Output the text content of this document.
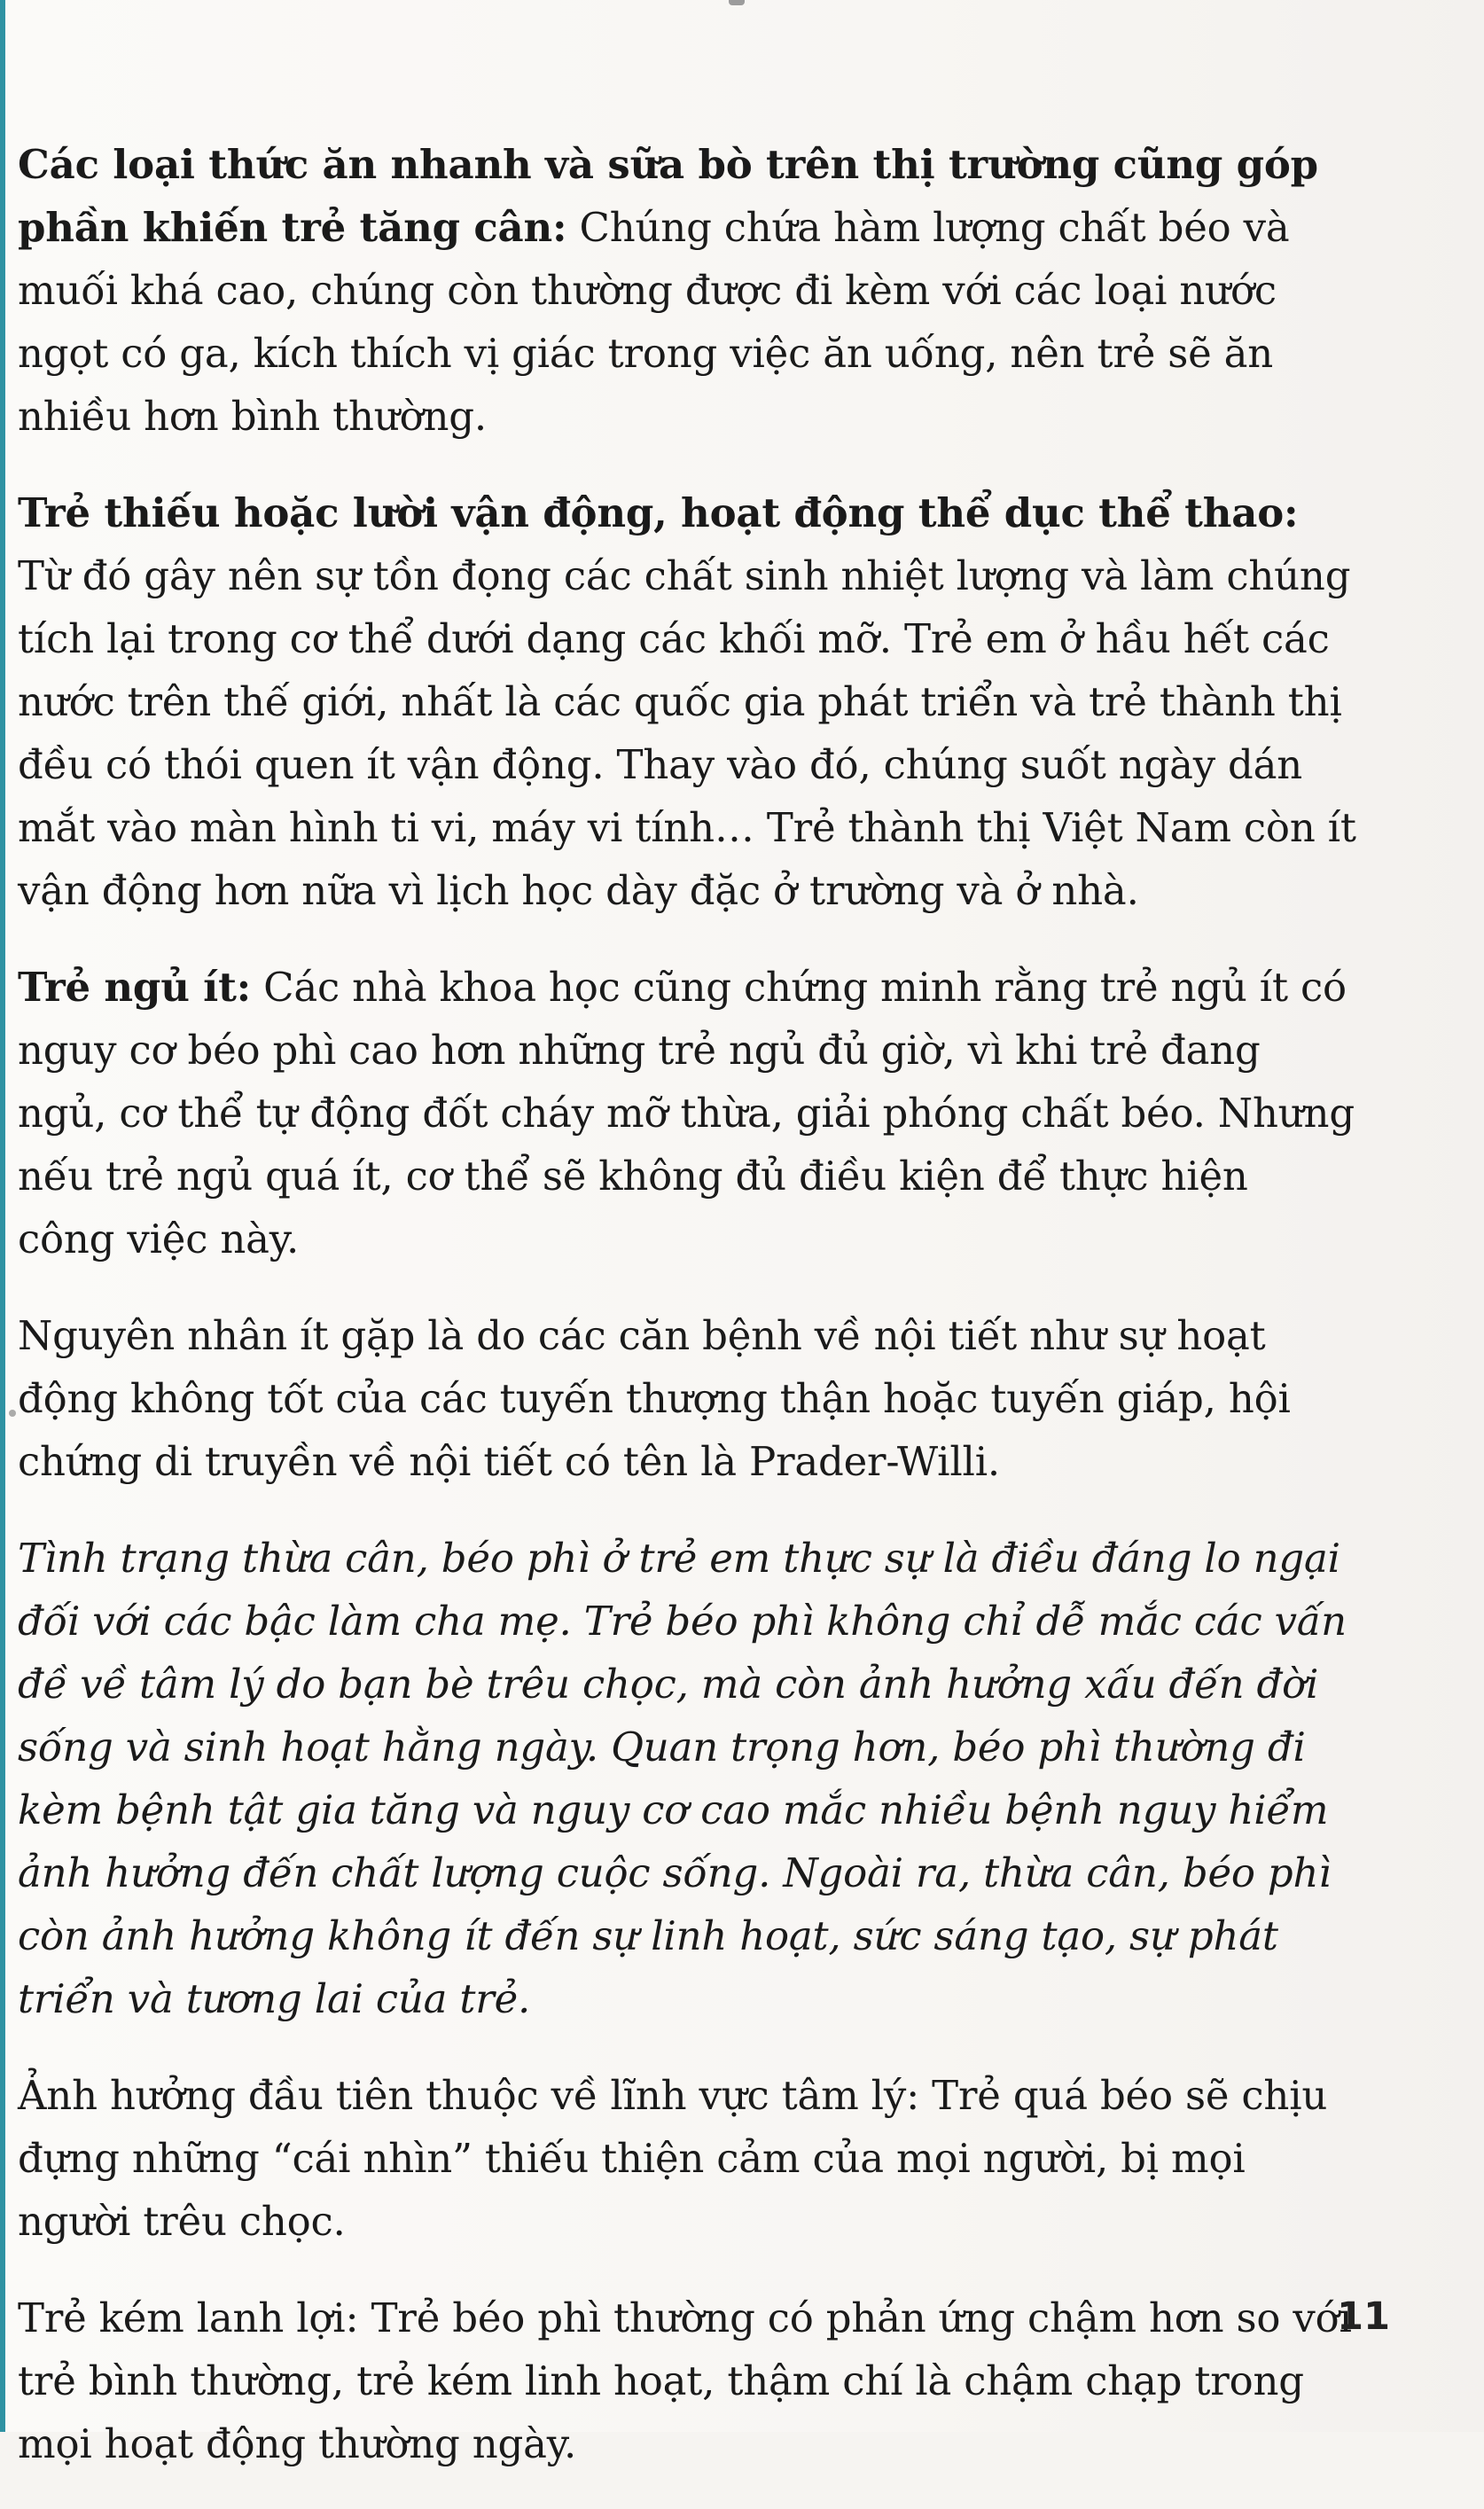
Các loại thức ăn nhanh và sữa bò trên thị trường cũng góp phần khiến trẻ tăng cân: Chúng chứa hàm lượng chất béo và muối khá cao, chúng còn thường được đi kèm với các loại nước ngọt có ga, kích thích vị giác trong việc ăn uống, nên trẻ sẽ ăn nhiều hơn bình thường.

Trẻ thiếu hoặc lười vận động, hoạt động thể dục thể thao: Từ đó gây nên sự tồn đọng các chất sinh nhiệt lượng và làm chúng tích lại trong cơ thể dưới dạng các khối mỡ. Trẻ em ở hầu hết các nước trên thế giới, nhất là các quốc gia phát triển và trẻ thành thị đều có thói quen ít vận động. Thay vào đó, chúng suốt ngày dán mắt vào màn hình ti vi, máy vi tính… Trẻ thành thị Việt Nam còn ít vận động hơn nữa vì lịch học dày đặc ở trường và ở nhà.

Trẻ ngủ ít: Các nhà khoa học cũng chứng minh rằng trẻ ngủ ít có nguy cơ béo phì cao hơn những trẻ ngủ đủ giờ, vì khi trẻ đang ngủ, cơ thể tự động đốt cháy mỡ thừa, giải phóng chất béo. Nhưng nếu trẻ ngủ quá ít, cơ thể sẽ không đủ điều kiện để thực hiện công việc này.

Nguyên nhân ít gặp là do các căn bệnh về nội tiết như sự hoạt động không tốt của các tuyến thượng thận hoặc tuyến giáp, hội chứng di truyền về nội tiết có tên là Prader-Willi.

Tình trạng thừa cân, béo phì ở trẻ em thực sự là điều đáng lo ngại đối với các bậc làm cha mẹ. Trẻ béo phì không chỉ dễ mắc các vấn đề về tâm lý do bạn bè trêu chọc, mà còn ảnh hưởng xấu đến đời sống và sinh hoạt hằng ngày. Quan trọng hơn, béo phì thường đi kèm bệnh tật gia tăng và nguy cơ cao mắc nhiều bệnh nguy hiểm ảnh hưởng đến chất lượng cuộc sống. Ngoài ra, thừa cân, béo phì còn ảnh hưởng không ít đến sự linh hoạt, sức sáng tạo, sự phát triển và tương lai của trẻ.

Ảnh hưởng đầu tiên thuộc về lĩnh vực tâm lý: Trẻ quá béo sẽ chịu đựng những “cái nhìn” thiếu thiện cảm của mọi người, bị mọi người trêu chọc.

Trẻ kém lanh lợi: Trẻ béo phì thường có phản ứng chậm hơn so với trẻ bình thường, trẻ kém linh hoạt, thậm chí là chậm chạp trong mọi hoạt động thường ngày.

11
